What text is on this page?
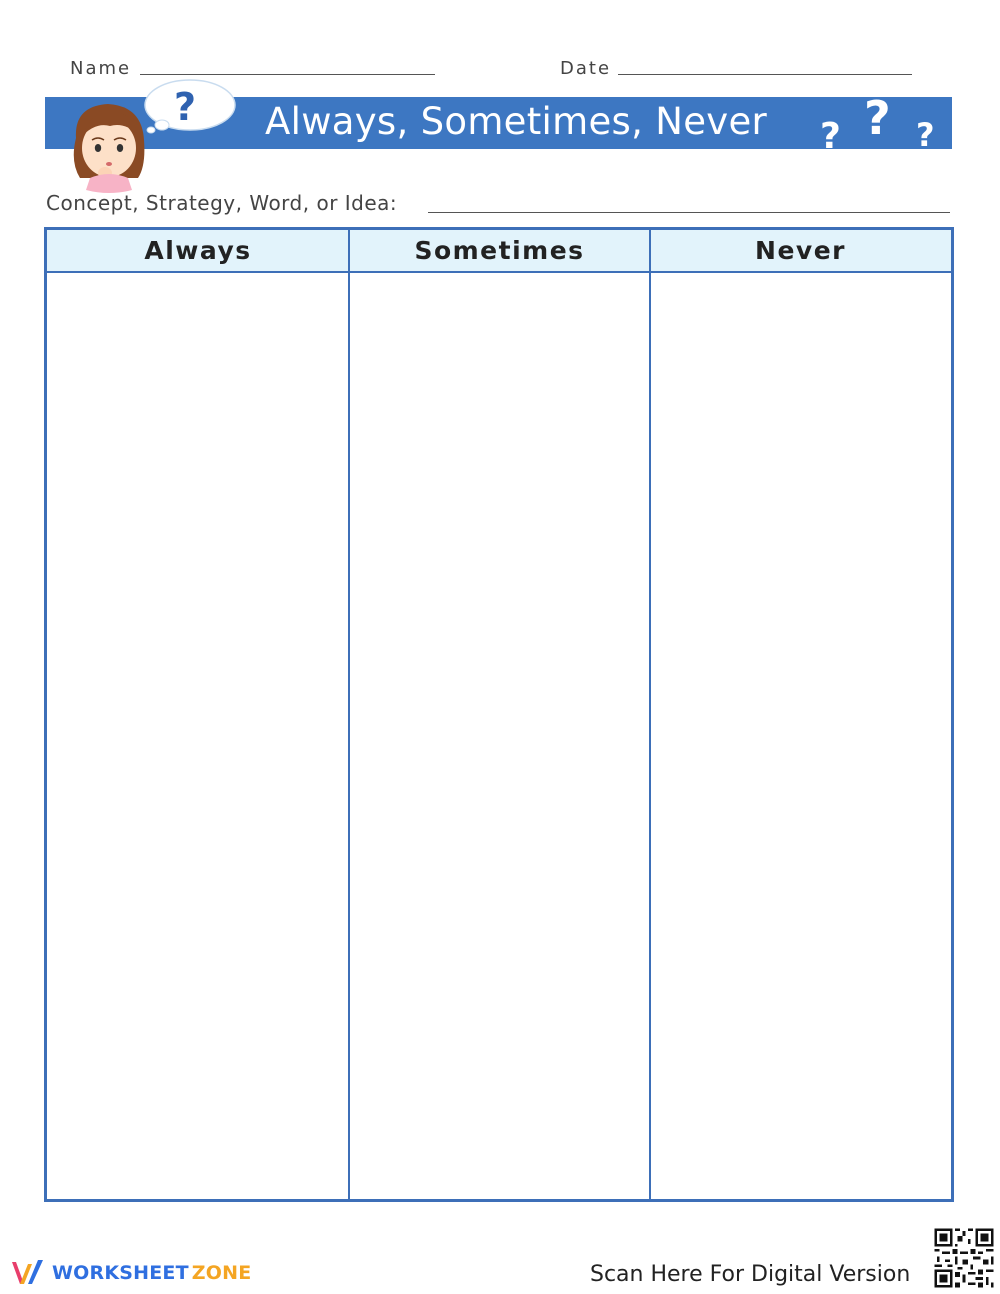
Name	Date
Always, Sometimes, Never
?
? ? ?
Concept, Strategy, Word, or Idea:
Always	Sometimes	Never
WORKSHEET ZONE	Scan Here For Digital Version
